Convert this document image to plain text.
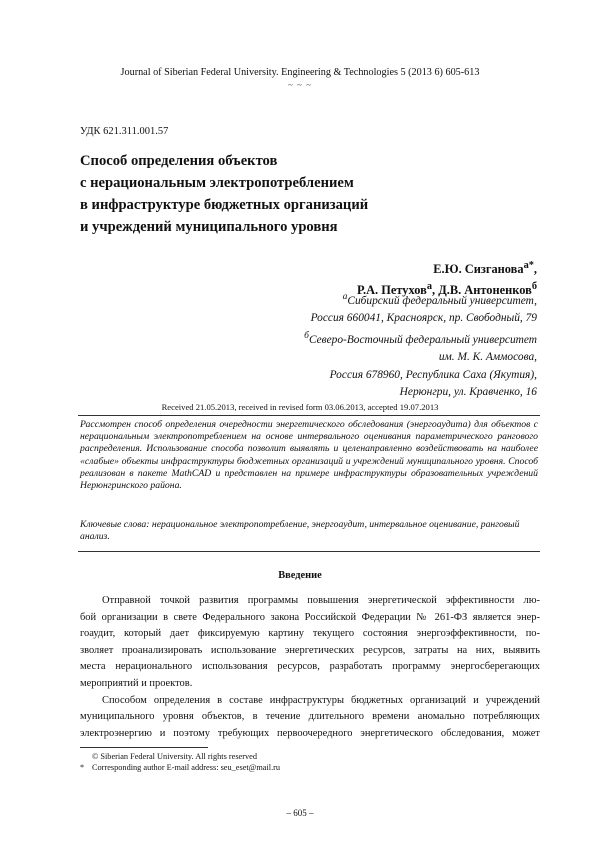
Journal of Siberian Federal University. Engineering & Technologies 5 (2013 6) 605-613
~ ~ ~
УДК 621.311.001.57
Способ определения объектов
с нерациональным электропотреблением
в инфраструктуре бюджетных организаций
и учреждений муниципального уровня
Е.Ю. Сизганова$^{а*}$,
Р.А. Петухов$^а$, Д.В. Антоненков$^б$
$^а$Сибирский федеральный университет,
Россия 660041, Красноярск, пр. Свободный, 79
$^б$Северо-Восточный федеральный университет
им. М. К. Аммосова,
Россия 678960, Республика Саха (Якутия),
Нерюнгри, ул. Кравченко, 16
Received 21.05.2013, received in revised form 03.06.2013, accepted 19.07.2013
Рассмотрен способ определения очередности энергетического обследования (энергоаудита) для объектов с нерациональным электропотреблением на основе интервального оценивания параметрического рангового распределения. Использование способа позволит выявлять и целенаправленно воздействовать на наиболее «слабые» объекты инфраструктуры бюджетных организаций и учреждений муниципального уровня. Способ реализован в пакете MathCAD и представлен на примере инфраструктуры образовательных учреждений Нерюнгринского района.
Ключевые слова: нерациональное электропотребление, энергоаудит, интервальное оценивание, ранговый анализ.
Введение

Отправной точкой развития программы повышения энергетической эффективности лю-
бой организации в свете Федерального закона Российской Федерации № 261-ФЗ является энер-
гоаудит, который дает фиксируемую картину текущего состояния энергоэффективности, по-
зволяет проанализировать использование энергетических ресурсов, затраты на них, выявить
места нерационального использования ресурсов, разработать программу энергосберегающих
мероприятий и проектов.

Способом определения в составе инфраструктуры бюджетных организаций и учреждений
муниципального уровня объектов, в течение длительного времени аномально потребляющих
электроэнергию и поэтому требующих первоочередного энергетического обследования, может

© Siberian Federal University. All rights reserved
* Corresponding author E-mail address: seu_eset@mail.ru
– 605 –
